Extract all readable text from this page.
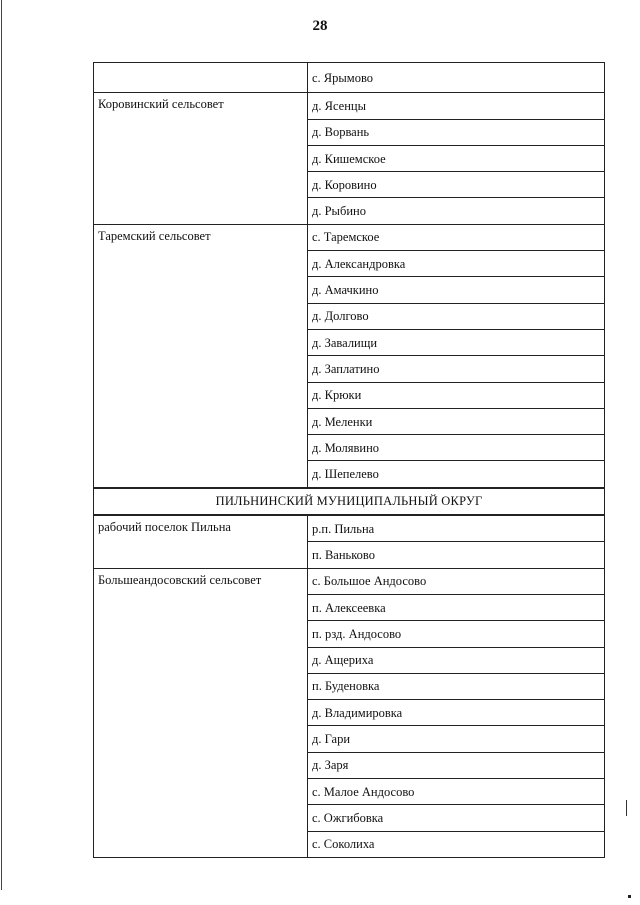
28
	с. Ярымово
Коровинский сельсовет	д. Ясенцы
	д. Ворвань
	д. Кишемское
	д. Коровино
	д. Рыбино
Таремский сельсовет	с. Таремское
	д. Александровка
	д. Амачкино
	д. Долгово
	д. Завалищи
	д. Заплатино
	д. Крюки
	д. Меленки
	д. Молявино
	д. Шепелево
ПИЛЬНИНСКИЙ МУНИЦИПАЛЬНЫЙ ОКРУГ	
рабочий поселок Пильна	р.п. Пильна
	п. Ваньково
Большеандосовский сельсовет	с. Большое Андосово
	п. Алексеевка
	п. рзд. Андосово
	д. Ащериха
	п. Буденовка
	д. Владимировка
	д. Гари
	д. Заря
	с. Малое Андосово
	с. Ожгибовка
	с. Соколиха
